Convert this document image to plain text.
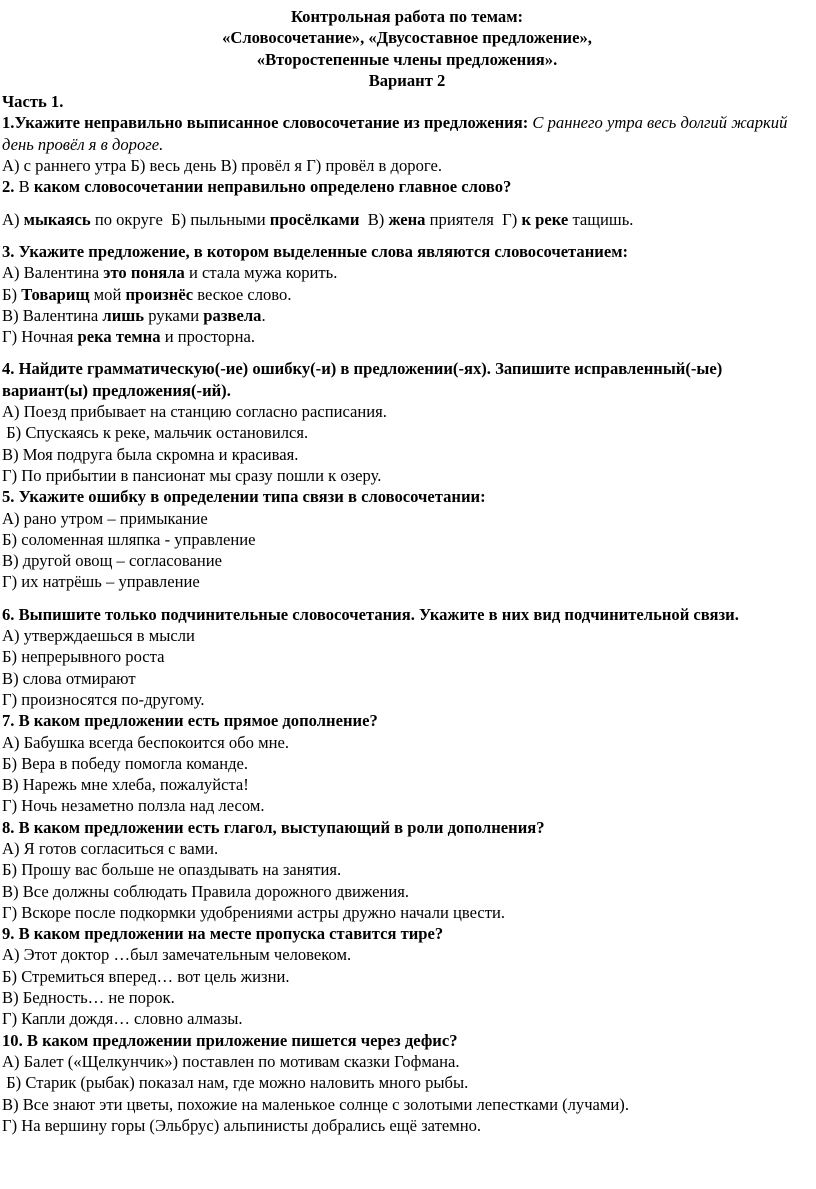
Контрольная работа по темам:
«Словосочетание», «Двусоставное предложение»,
«Второстепенные члены предложения».
Вариант 2
Часть 1.
1.Укажите неправильно выписанное словосочетание из предложения: С раннего утра весь долгий жаркий день провёл я в дороге.
А) с раннего утра Б) весь день В) провёл я Г) провёл в дороге.
2. В каком словосочетании неправильно определено главное слово?
А) мыкаясь по округе Б) пыльными просёлками В) жена приятеля Г) к реке тащишь.
3. Укажите предложение, в котором выделенные слова являются словосочетанием:
А) Валентина это поняла и стала мужа корить.
Б) Товарищ мой произнёс веское слово.
В) Валентина лишь руками развела.
Г) Ночная река темна и просторна.
4. Найдите грамматическую(-ие) ошибку(-и) в предложении(-ях). Запишите исправленный(-ые) вариант(ы) предложения(-ий).
А) Поезд прибывает на станцию согласно расписания.
Б) Спускаясь к реке, мальчик остановился.
В) Моя подруга была скромна и красивая.
Г) По прибытии в пансионат мы сразу пошли к озеру.
5. Укажите ошибку в определении типа связи в словосочетании:
А) рано утром – примыкание
Б) соломенная шляпка - управление
В) другой овощ – согласование
Г) их натрёшь – управление
6. Выпишите только подчинительные словосочетания. Укажите в них вид подчинительной связи.
А) утверждаешься в мысли
Б) непрерывного роста
В) слова отмирают
Г) произносятся по-другому.
7. В каком предложении есть прямое дополнение?
А) Бабушка всегда беспокоится обо мне.
Б) Вера в победу помогла команде.
В) Нарежь мне хлеба, пожалуйста!
Г) Ночь незаметно ползла над лесом.
8. В каком предложении есть глагол, выступающий в роли дополнения?
А) Я готов согласиться с вами.
Б) Прошу вас больше не опаздывать на занятия.
В) Все должны соблюдать Правила дорожного движения.
Г) Вскоре после подкормки удобрениями астры дружно начали цвести.
9. В каком предложении на месте пропуска ставится тире?
А) Этот доктор …был замечательным человеком.
Б) Стремиться вперед… вот цель жизни.
В) Бедность… не порок.
Г) Капли дождя… словно алмазы.
10. В каком предложении приложение пишется через дефис?
А) Балет («Щелкунчик») поставлен по мотивам сказки Гофмана.
Б) Старик (рыбак) показал нам, где можно наловить много рыбы.
В) Все знают эти цветы, похожие на маленькое солнце с золотыми лепестками (лучами).
Г) На вершину горы (Эльбрус) альпинисты добрались ещё затемно.
